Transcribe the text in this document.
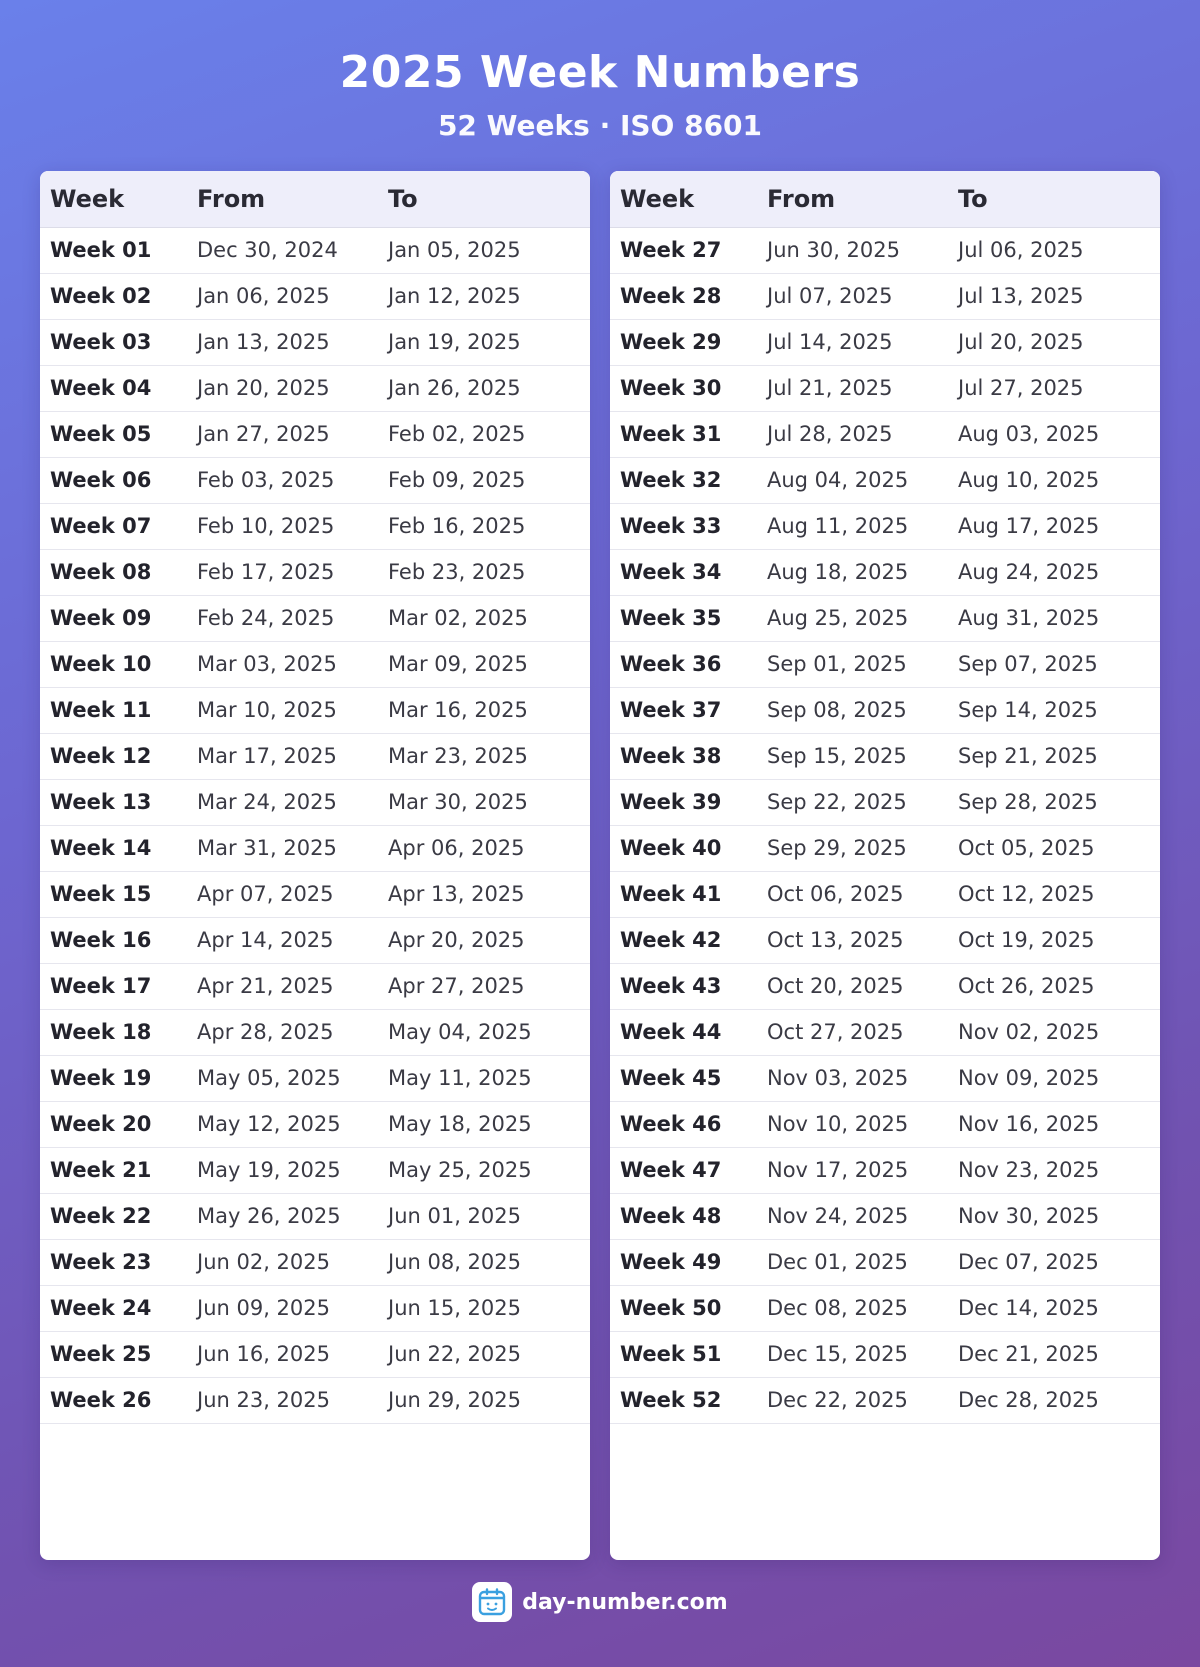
2025 Week Numbers
52 Weeks · ISO 8601
Week	From	To
Week 01	Dec 30, 2024	Jan 05, 2025
Week 02	Jan 06, 2025	Jan 12, 2025
Week 03	Jan 13, 2025	Jan 19, 2025
Week 04	Jan 20, 2025	Jan 26, 2025
Week 05	Jan 27, 2025	Feb 02, 2025
Week 06	Feb 03, 2025	Feb 09, 2025
Week 07	Feb 10, 2025	Feb 16, 2025
Week 08	Feb 17, 2025	Feb 23, 2025
Week 09	Feb 24, 2025	Mar 02, 2025
Week 10	Mar 03, 2025	Mar 09, 2025
Week 11	Mar 10, 2025	Mar 16, 2025
Week 12	Mar 17, 2025	Mar 23, 2025
Week 13	Mar 24, 2025	Mar 30, 2025
Week 14	Mar 31, 2025	Apr 06, 2025
Week 15	Apr 07, 2025	Apr 13, 2025
Week 16	Apr 14, 2025	Apr 20, 2025
Week 17	Apr 21, 2025	Apr 27, 2025
Week 18	Apr 28, 2025	May 04, 2025
Week 19	May 05, 2025	May 11, 2025
Week 20	May 12, 2025	May 18, 2025
Week 21	May 19, 2025	May 25, 2025
Week 22	May 26, 2025	Jun 01, 2025
Week 23	Jun 02, 2025	Jun 08, 2025
Week 24	Jun 09, 2025	Jun 15, 2025
Week 25	Jun 16, 2025	Jun 22, 2025
Week 26	Jun 23, 2025	Jun 29, 2025
Week	From	To
Week 27	Jun 30, 2025	Jul 06, 2025
Week 28	Jul 07, 2025	Jul 13, 2025
Week 29	Jul 14, 2025	Jul 20, 2025
Week 30	Jul 21, 2025	Jul 27, 2025
Week 31	Jul 28, 2025	Aug 03, 2025
Week 32	Aug 04, 2025	Aug 10, 2025
Week 33	Aug 11, 2025	Aug 17, 2025
Week 34	Aug 18, 2025	Aug 24, 2025
Week 35	Aug 25, 2025	Aug 31, 2025
Week 36	Sep 01, 2025	Sep 07, 2025
Week 37	Sep 08, 2025	Sep 14, 2025
Week 38	Sep 15, 2025	Sep 21, 2025
Week 39	Sep 22, 2025	Sep 28, 2025
Week 40	Sep 29, 2025	Oct 05, 2025
Week 41	Oct 06, 2025	Oct 12, 2025
Week 42	Oct 13, 2025	Oct 19, 2025
Week 43	Oct 20, 2025	Oct 26, 2025
Week 44	Oct 27, 2025	Nov 02, 2025
Week 45	Nov 03, 2025	Nov 09, 2025
Week 46	Nov 10, 2025	Nov 16, 2025
Week 47	Nov 17, 2025	Nov 23, 2025
Week 48	Nov 24, 2025	Nov 30, 2025
Week 49	Dec 01, 2025	Dec 07, 2025
Week 50	Dec 08, 2025	Dec 14, 2025
Week 51	Dec 15, 2025	Dec 21, 2025
Week 52	Dec 22, 2025	Dec 28, 2025
day-number.com
